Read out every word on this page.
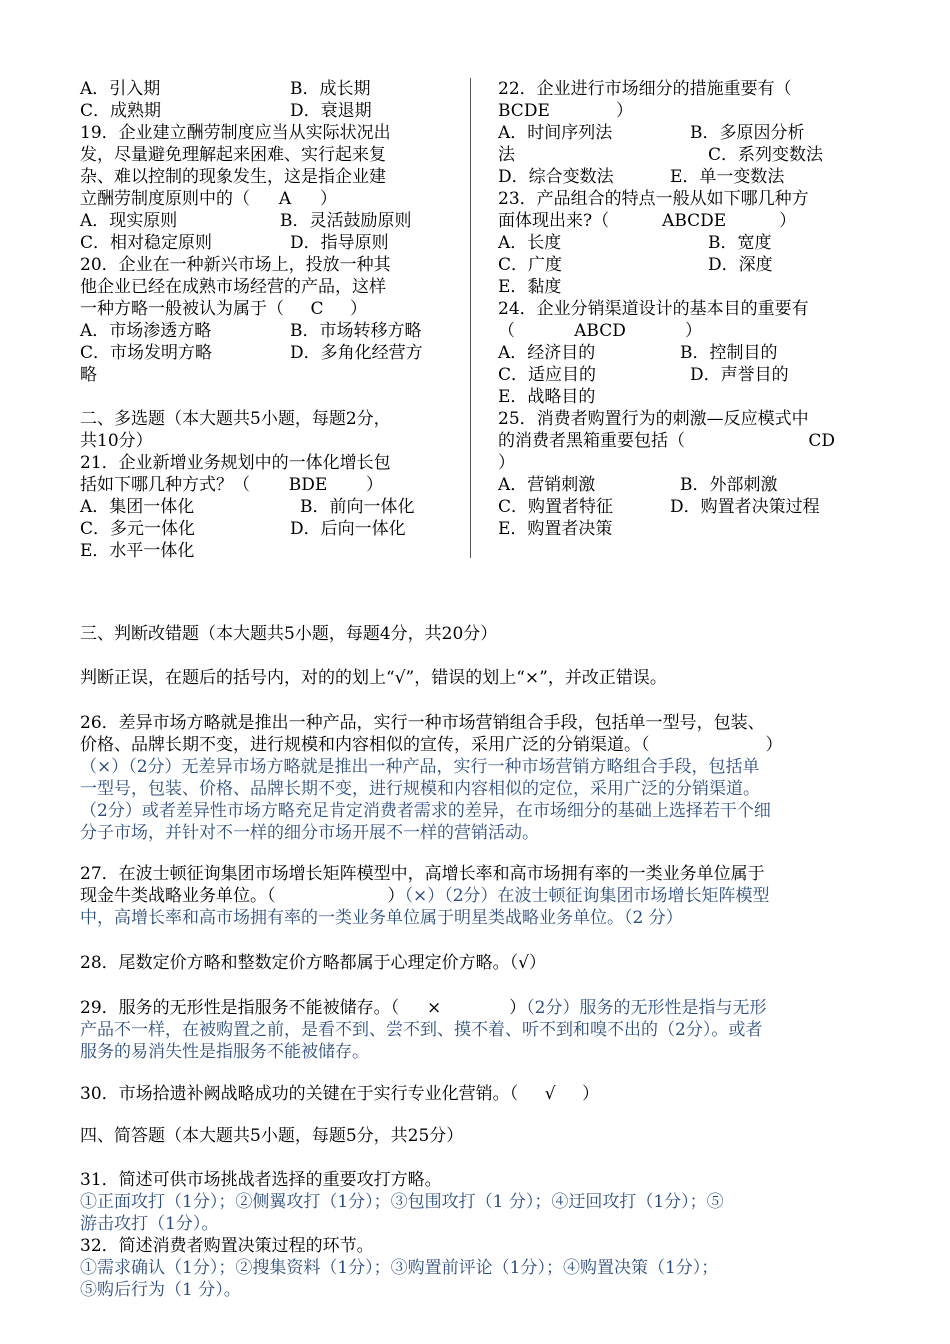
A．引入期	B．成长期
C．成熟期	D．衰退期
19．企业建立酬劳制度应当从实际状况出
发，尽量避免理解起来困难、实行起来复
杂、难以控制的现象发生，这是指企业建
立酬劳制度原则中的（ A ）
A．现实原则	B．灵活鼓励原则
C．相对稳定原则	D．指导原则
20．企业在一种新兴市场上，投放一种其
他企业已经在成熟市场经营的产品，这样
一种方略一般被认为属于（ C ）
A．市场渗透方略	B．市场转移方略
C．市场发明方略	D．多角化经营方
略
二、多选题（本大题共5小题，每题2分，
共10分）
21．企业新增业务规划中的一体化增长包
括如下哪几种方式？（ BDE ）
A．集团一体化	B．前向一体化
C．多元一体化	D．后向一体化
E．水平一体化
22．企业进行市场细分的措施重要有（
BCDE	）
A．时间序列法	B．多原因分析
法	C．系列变数法
D．综合变数法	E．单一变数法
23．产品组合的特点一般从如下哪几种方
面体现出来?（	ABCDE	）
A．长度	B．宽度
C．广度	D．深度
E．黏度
24．企业分销渠道设计的基本目的重要有
（	ABCD	）
A．经济目的	B．控制目的
C．适应目的	D．声誉目的
E．战略目的
25．消费者购置行为的刺激—反应模式中
的消费者黑箱重要包括（	CD
）
A．营销刺激	B．外部刺激
C．购置者特征	D．购置者决策过程
E．购置者决策

三、判断改错题（本大题共5小题，每题4分，共20分）

判断正误，在题后的括号内，对的的划上“√”，错误的划上“×”，并改正错误。

26．差异市场方略就是推出一种产品，实行一种市场营销组合手段，包括单一型号，包装、

价格、品牌长期不变，进行规模和内容相似的宣传，采用广泛的分销渠道。（	）

（×）（2分）无差异市场方略就是推出一种产品，实行一种市场营销方略组合手段，包括单

一型号，包装、价格、品牌长期不变，进行规模和内容相似的定位，采用广泛的分销渠道。

（2分）或者差异性市场方略充足肯定消费者需求的差异，在市场细分的基础上选择若干个细

分子市场，并针对不一样的细分市场开展不一样的营销活动。

27．在波士顿征询集团市场增长矩阵模型中，高增长率和高市场拥有率的一类业务单位属于

现金牛类战略业务单位。（	）（×）（2分）在波士顿征询集团市场增长矩阵模型

中，高增长率和高市场拥有率的一类业务单位属于明星类战略业务单位。（2 分）

28．尾数定价方略和整数定价方略都属于心理定价方略。（√）

29．服务的无形性是指服务不能被储存。（ ×	）（2分）服务的无形性是指与无形

产品不一样，在被购置之前，是看不到、尝不到、摸不着、听不到和嗅不出的（2分）。或者

服务的易消失性是指服务不能被储存。

30．市场拾遗补阙战略成功的关键在于实行专业化营销。（ √ ）

四、简答题（本大题共5小题，每题5分，共25分）

31．简述可供市场挑战者选择的重要攻打方略。

①正面攻打（1分）；②侧翼攻打（1分）；③包围攻打（1 分）；④迂回攻打（1分）；⑤

游击攻打（1分）。

32．简述消费者购置决策过程的环节。

①需求确认（1分）；②搜集资料（1分）；③购置前评论（1分）；④购置决策（1分）；

⑤购后行为（1 分）。
